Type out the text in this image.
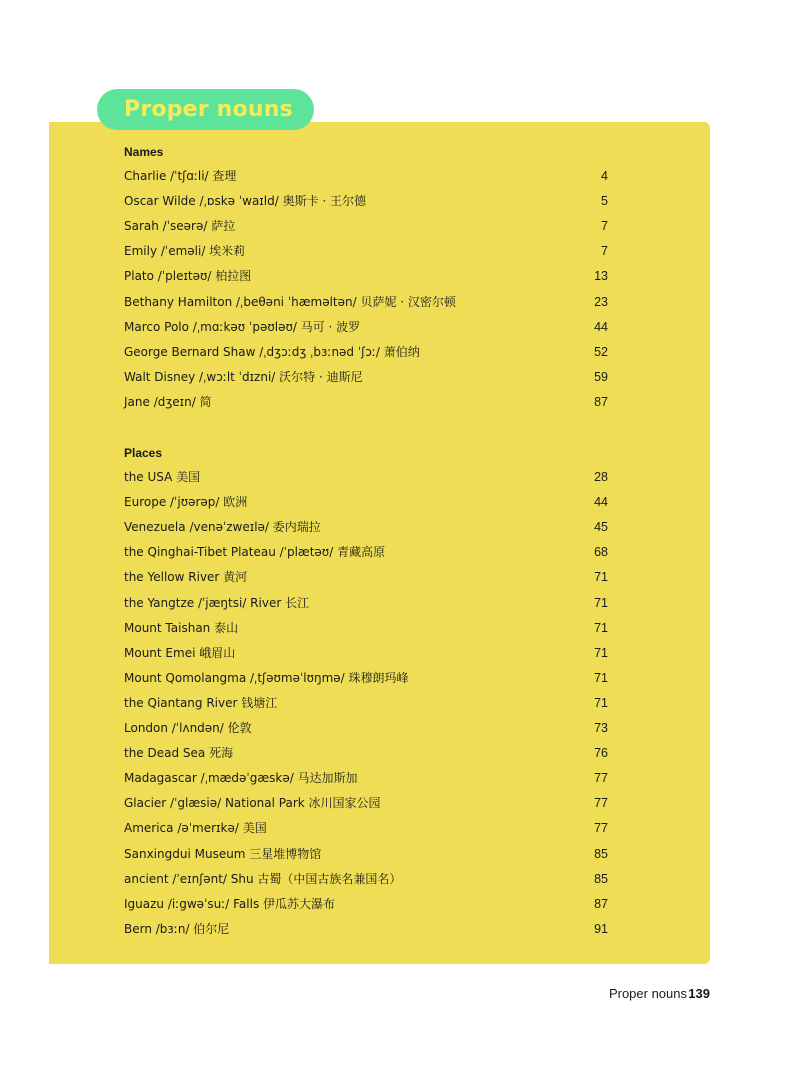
Proper nouns
Names
Charlie /ˈtʃɑːli/ 查理	4
Oscar Wilde /ˌɒskə ˈwaɪld/ 奥斯卡 · 王尔德	5
Sarah /ˈseərə/ 萨拉	7
Emily /ˈeməli/ 埃米莉	7
Plato /ˈpleɪtəʊ/ 柏拉图	13
Bethany Hamilton /ˌbeθəni ˈhæməltən/ 贝萨妮 · 汉密尔顿	23
Marco Polo /ˌmɑːkəʊ ˈpəʊləʊ/ 马可 · 波罗	44
George Bernard Shaw /ˌdʒɔːdʒ ˌbɜːnəd ˈʃɔː/ 萧伯纳	52
Walt Disney /ˌwɔːlt ˈdɪzni/ 沃尔特 · 迪斯尼	59
Jane /dʒeɪn/ 简	87
Places
the USA 美国	28
Europe /ˈjʊərəp/ 欧洲	44
Venezuela /venəˈzweɪlə/ 委内瑞拉	45
the Qinghai-Tibet Plateau /ˈplætəʊ/ 青藏高原	68
the Yellow River 黄河	71
the Yangtze /ˈjæŋtsi/ River 长江	71
Mount Taishan 泰山	71
Mount Emei 峨眉山	71
Mount Qomolangma /ˌtʃəʊməˈlʊŋmə/ 珠穆朗玛峰	71
the Qiantang River 钱塘江	71
London /ˈlʌndən/ 伦敦	73
the Dead Sea 死海	76
Madagascar /ˌmædəˈgæskə/ 马达加斯加	77
Glacier /ˈglæsiə/ National Park 冰川国家公园	77
America /əˈmerɪkə/ 美国	77
Sanxingdui Museum 三星堆博物馆	85
ancient /ˈeɪnʃənt/ Shu 古蜀（中国古族名兼国名）	85
Iguazu /iːgwəˈsuː/ Falls 伊瓜苏大瀑布	87
Bern /bɜːn/ 伯尔尼	91
Proper nouns 139
